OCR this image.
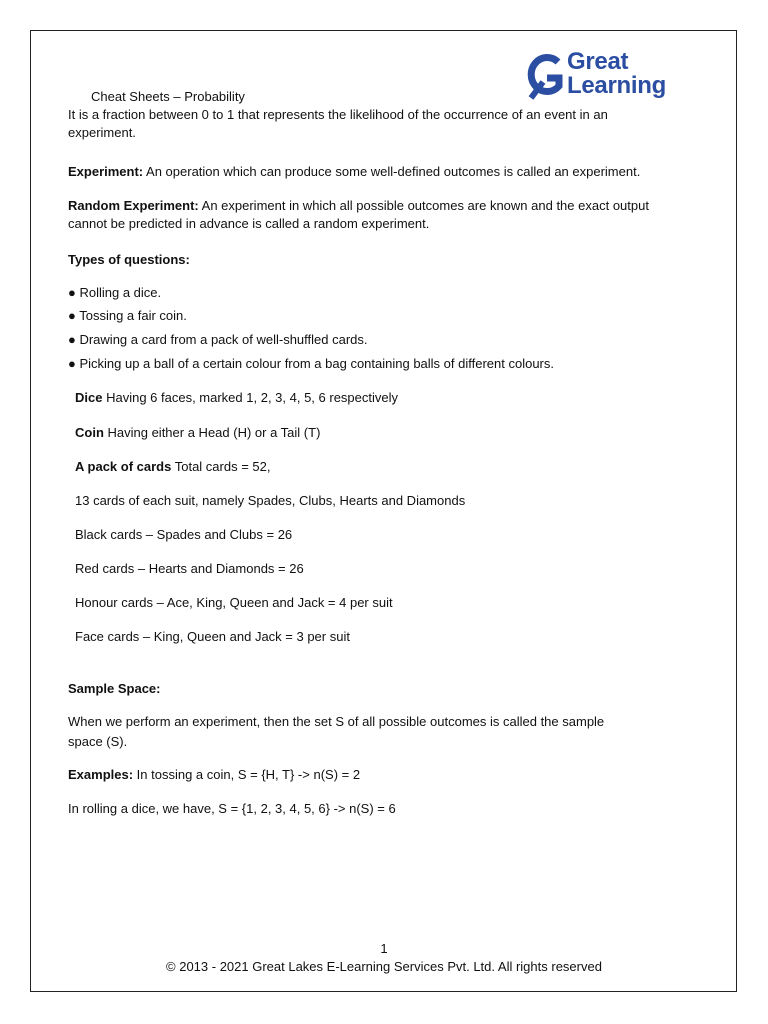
Great
Learning
Cheat Sheets – Probability
It is a fraction between 0 to 1 that represents the likelihood of the occurrence of an event in an
experiment.
Experiment: An operation which can produce some well-defined outcomes is called an experiment.
Random Experiment: An experiment in which all possible outcomes are known and the exact output
cannot be predicted in advance is called a random experiment.
Types of questions:
● Rolling a dice.
● Tossing a fair coin.
● Drawing a card from a pack of well-shuffled cards.
● Picking up a ball of a certain colour from a bag containing balls of different colours.
Dice Having 6 faces, marked 1, 2, 3, 4, 5, 6 respectively
Coin Having either a Head (H) or a Tail (T)
A pack of cards Total cards = 52,
13 cards of each suit, namely Spades, Clubs, Hearts and Diamonds
Black cards – Spades and Clubs = 26
Red cards – Hearts and Diamonds = 26
Honour cards – Ace, King, Queen and Jack = 4 per suit
Face cards – King, Queen and Jack = 3 per suit
Sample Space:
When we perform an experiment, then the set S of all possible outcomes is called the sample
space (S).
Examples: In tossing a coin, S = {H, T} -> n(S) = 2
In rolling a dice, we have, S = {1, 2, 3, 4, 5, 6} -> n(S) = 6
1
© 2013 - 2021 Great Lakes E-Learning Services Pvt. Ltd. All rights reserved
